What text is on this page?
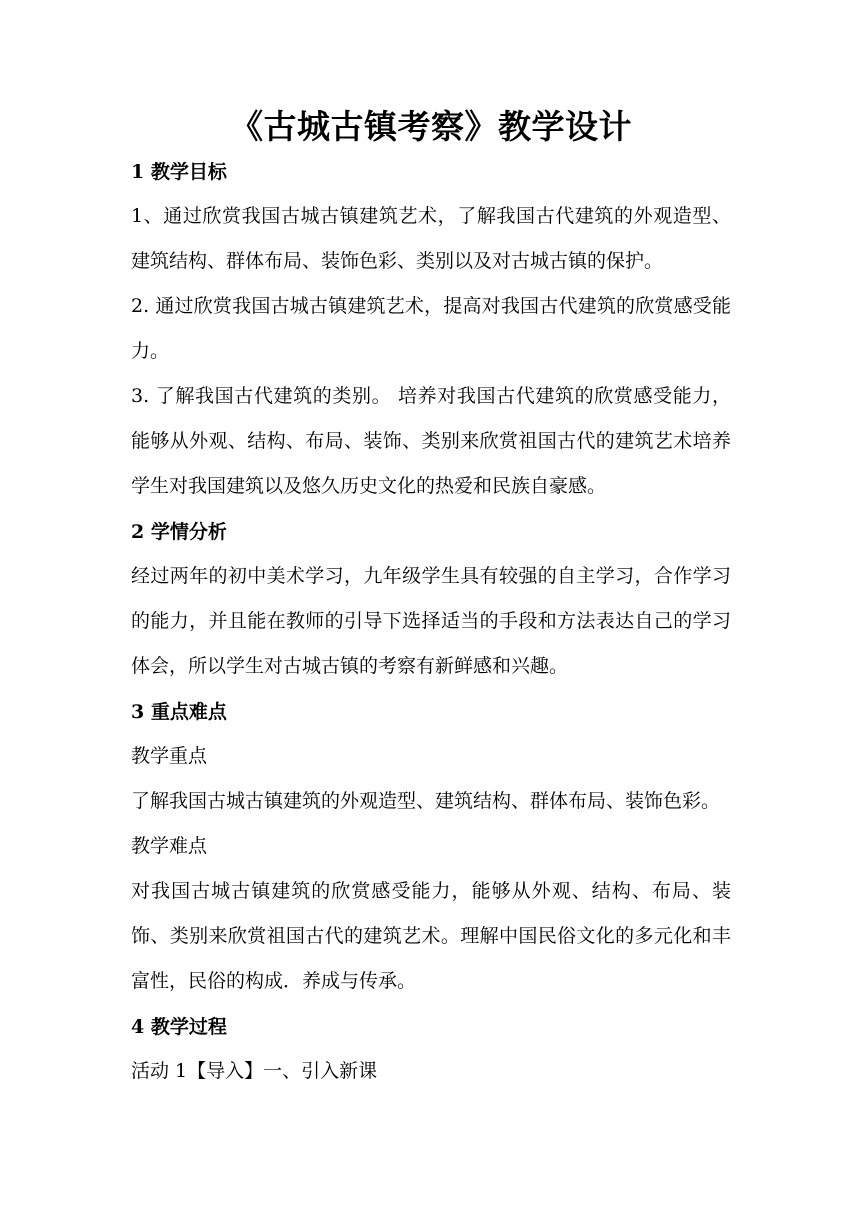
《古城古镇考察》教学设计
1 教学目标

1、通过欣赏我国古城古镇建筑艺术，了解我国古代建筑的外观造型、建筑结构、群体布局、装饰色彩、类别以及对古城古镇的保护。

2. 通过欣赏我国古城古镇建筑艺术，提高对我国古代建筑的欣赏感受能力。

3. 了解我国古代建筑的类别。 培养对我国古代建筑的欣赏感受能力，能够从外观、结构、布局、装饰、类别来欣赏祖国古代的建筑艺术培养学生对我国建筑以及悠久历史文化的热爱和民族自豪感。

2 学情分析

经过两年的初中美术学习，九年级学生具有较强的自主学习，合作学习的能力，并且能在教师的引导下选择适当的手段和方法表达自己的学习体会，所以学生对古城古镇的考察有新鲜感和兴趣。

3 重点难点

教学重点

了解我国古城古镇建筑的外观造型、建筑结构、群体布局、装饰色彩。

教学难点

对我国古城古镇建筑的欣赏感受能力，能够从外观、结构、布局、装饰、类别来欣赏祖国古代的建筑艺术。理解中国民俗文化的多元化和丰富性，民俗的构成．养成与传承。

4 教学过程

活动 1【导入】一、引入新课
